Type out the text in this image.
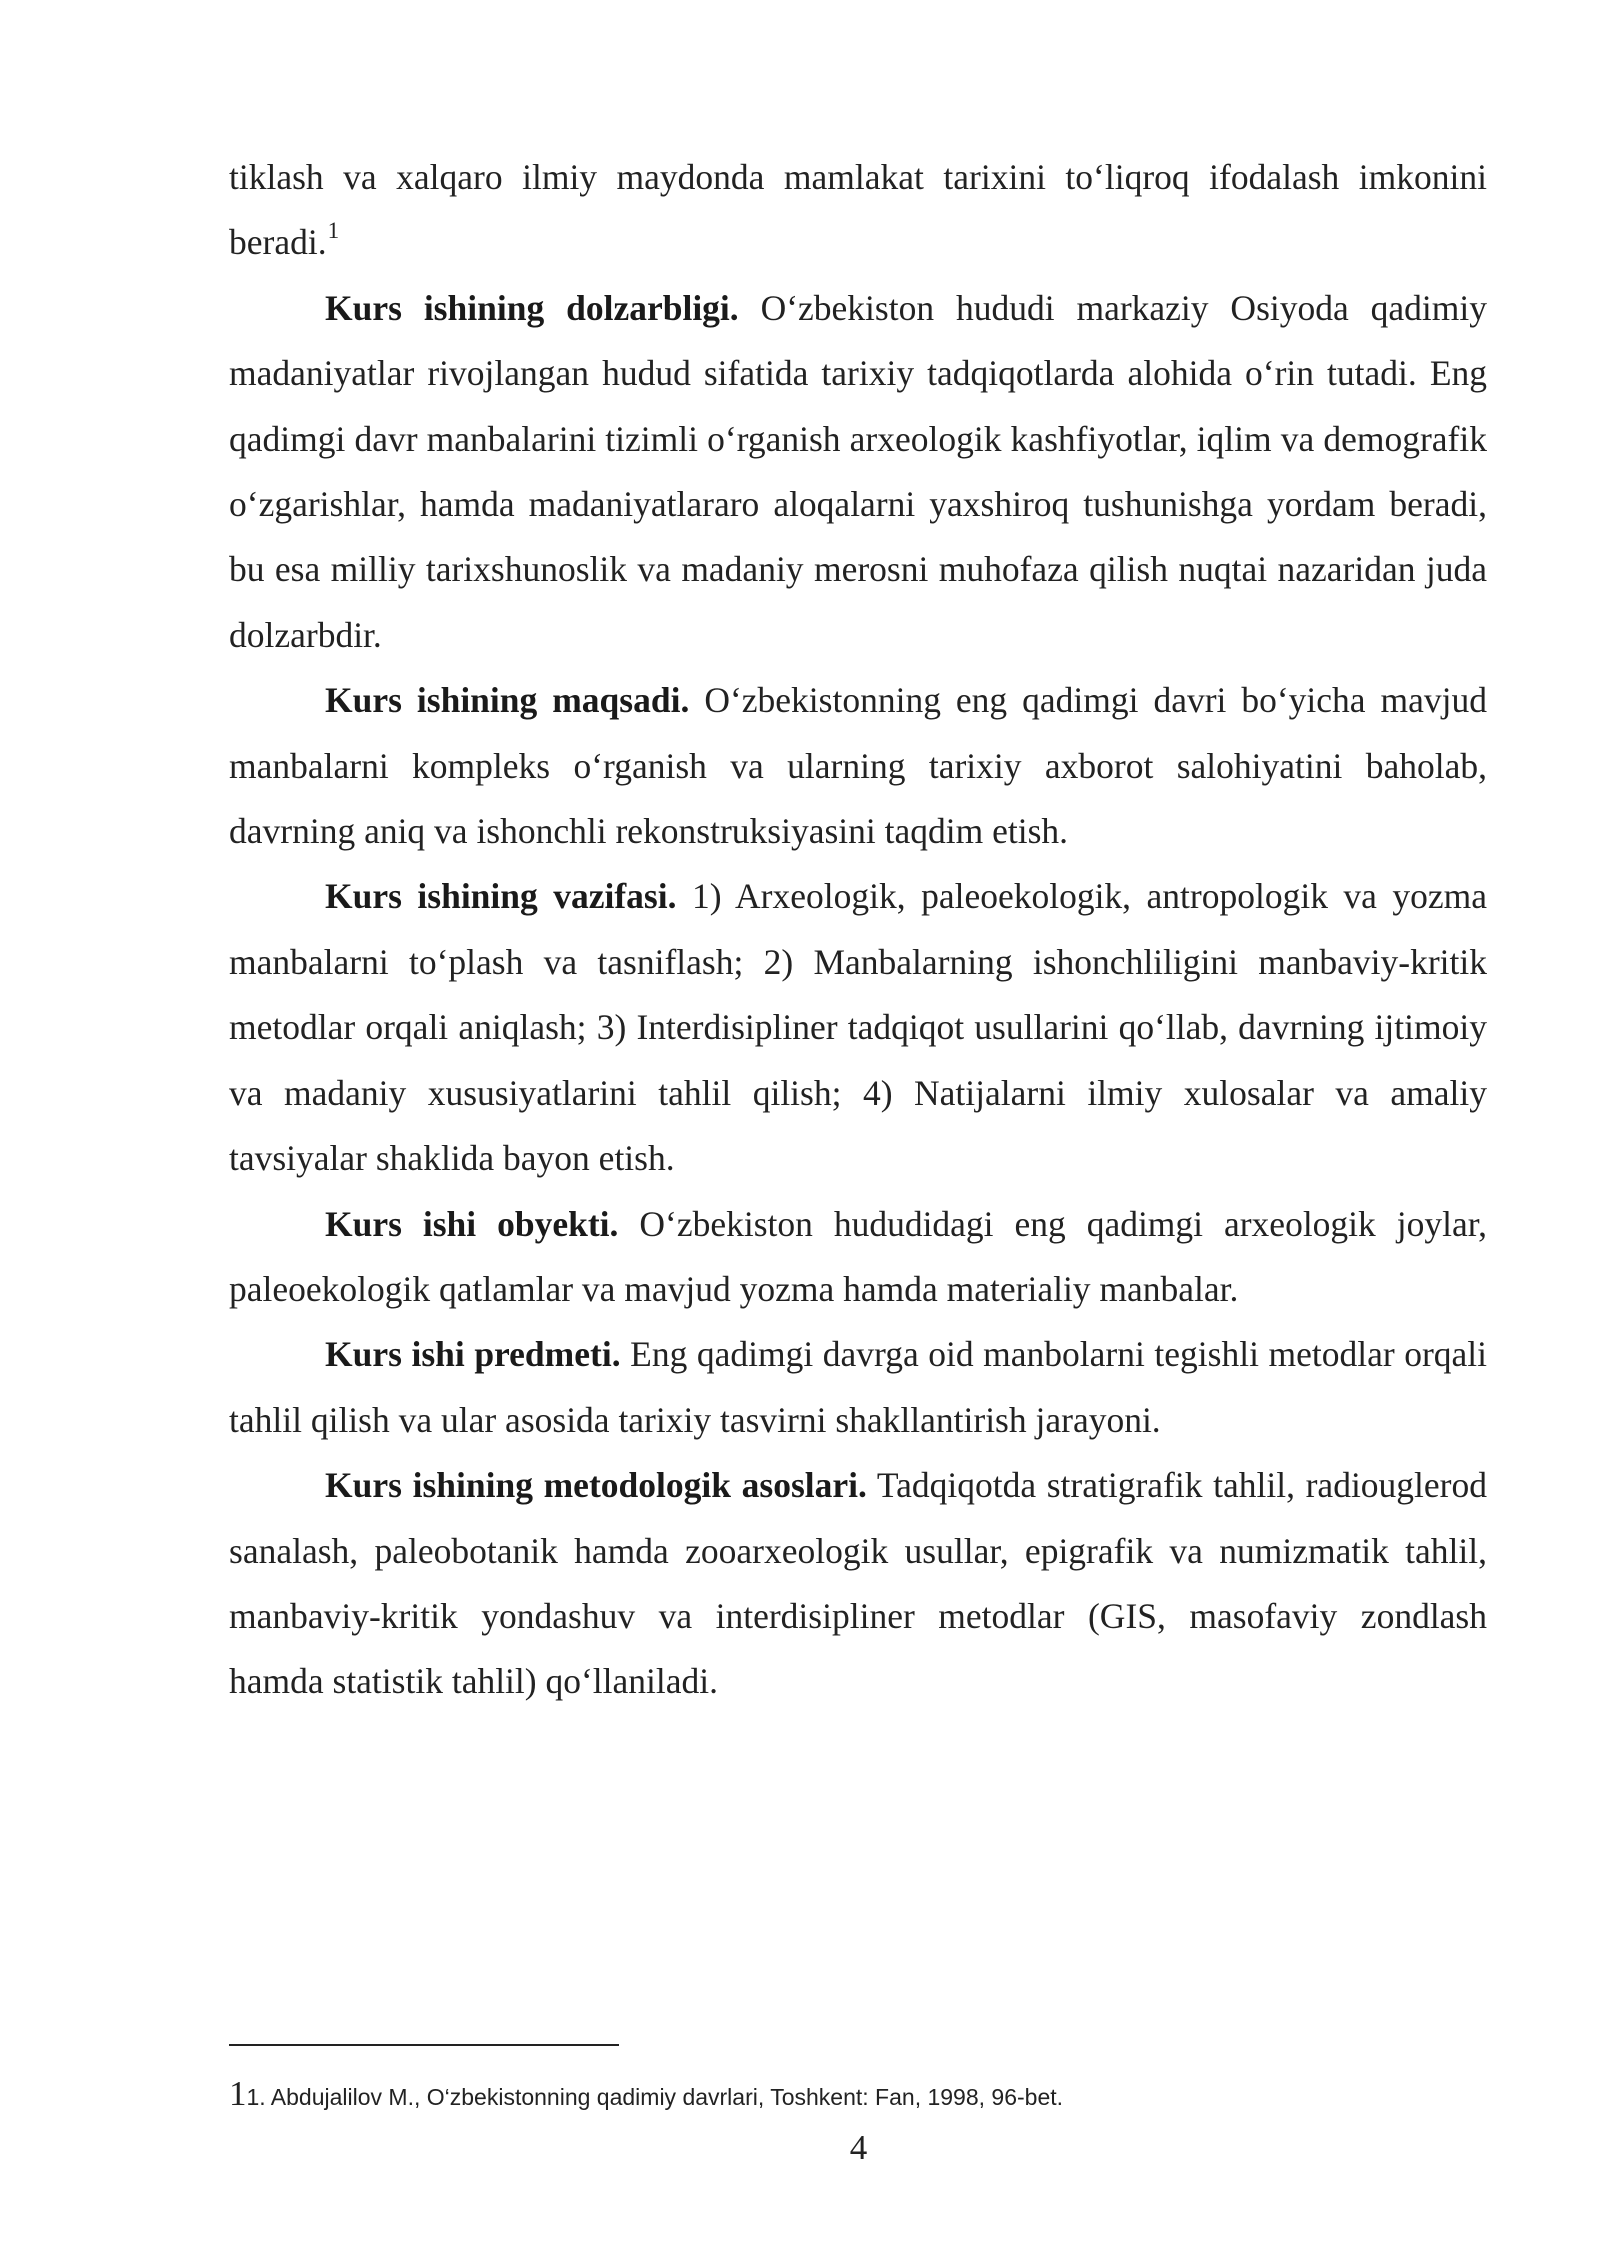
tiklash va xalqaro ilmiy maydonda mamlakat tarixini to‘liqroq ifodalash imkonini beradi.$^1$

Kurs ishining dolzarbligi. O‘zbekiston hududi markaziy Osiyoda qadimiy madaniyatlar rivojlangan hudud sifatida tarixiy tadqiqotlarda alohida o‘rin tutadi. Eng qadimgi davr manbalarini tizimli o‘rganish arxeologik kashfiyotlar, iqlim va demografik o‘zgarishlar, hamda madaniyatlararo aloqalarni yaxshiroq tushunishga yordam beradi, bu esa milliy tarixshunoslik va madaniy merosni muhofaza qilish nuqtai nazaridan juda dolzarbdir.

Kurs ishining maqsadi. O‘zbekistonning eng qadimgi davri bo‘yicha mavjud manbalarni kompleks o‘rganish va ularning tarixiy axborot salohiyatini baholab, davrning aniq va ishonchli rekonstruksiyasini taqdim etish.

Kurs ishining vazifasi. 1) Arxeologik, paleoekologik, antropologik va yozma manbalarni to‘plash va tasniflash; 2) Manbalarning ishonchliligini manbaviy-kritik metodlar orqali aniqlash; 3) Interdisipliner tadqiqot usullarini qo‘llab, davrning ijtimoiy va madaniy xususiyatlarini tahlil qilish; 4) Natijalarni ilmiy xulosalar va amaliy tavsiyalar shaklida bayon etish.

Kurs ishi obyekti. O‘zbekiston hududidagi eng qadimgi arxeologik joylar, paleoekologik qatlamlar va mavjud yozma hamda materialiy manbalar.

Kurs ishi predmeti. Eng qadimgi davrga oid manbolarni tegishli metodlar orqali tahlil qilish va ular asosida tarixiy tasvirni shakllantirish jarayoni.

Kurs ishining metodologik asoslari. Tadqiqotda stratigrafik tahlil, radiouglerod sanalash, paleobotanik hamda zooarxeologik usullar, epigrafik va numizmatik tahlil, manbaviy-kritik yondashuv va interdisipliner metodlar (GIS, masofaviy zondlash hamda statistik tahlil) qo‘llaniladi.

11. Abdujalilov M., O‘zbekistonning qadimiy davrlari, Toshkent: Fan, 1998, 96-bet.
4
